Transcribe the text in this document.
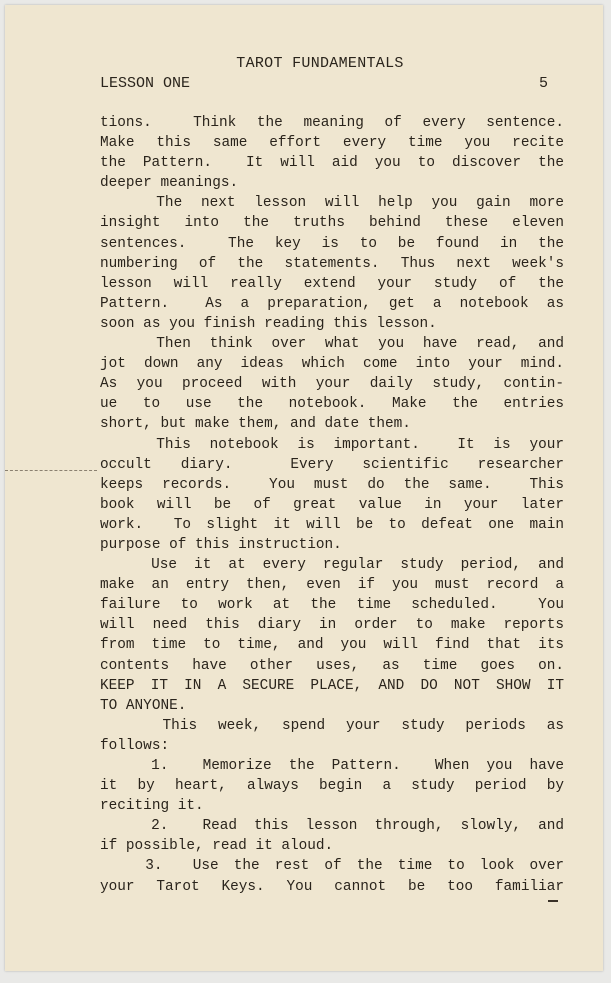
TAROT FUNDAMENTALS
LESSON ONE	5
tions.  Think the meaning of every sentence.
Make this same effort every time you recite
the Pattern.  It will aid you to discover the
deeper meanings.
The next lesson will help you gain more
insight into the truths behind these eleven
sentences.  The key is to be found in the
numbering of the statements. Thus next week's
lesson will really extend your study of the
Pattern.  As a preparation, get a notebook as
soon as you finish reading this lesson.
Then think over what you have read, and
jot down any ideas which come into your mind.
As you proceed with your daily study, contin-
ue to use the notebook. Make the entries
short, but make them, and date them.
This notebook is important.  It is your
occult diary.  Every scientific researcher
keeps records.  You must do the same.  This
book will be of great value in your later
work.  To slight it will be to defeat one main
purpose of this instruction.
Use it at every regular study period, and
make an entry then, even if you must record a
failure to work at the time scheduled.  You
will need this diary in order to make reports
from time to time, and you will find that its
contents have other uses, as time goes on.
KEEP IT IN A SECURE PLACE, AND DO NOT SHOW IT
TO ANYONE.
This week, spend your study periods as
follows:
1.  Memorize the Pattern.  When you have
it by heart, always begin a study period by
reciting it.
2.  Read this lesson through, slowly, and
if possible, read it aloud.
3.  Use the rest of the time to look over
your Tarot Keys. You cannot be too familiar
